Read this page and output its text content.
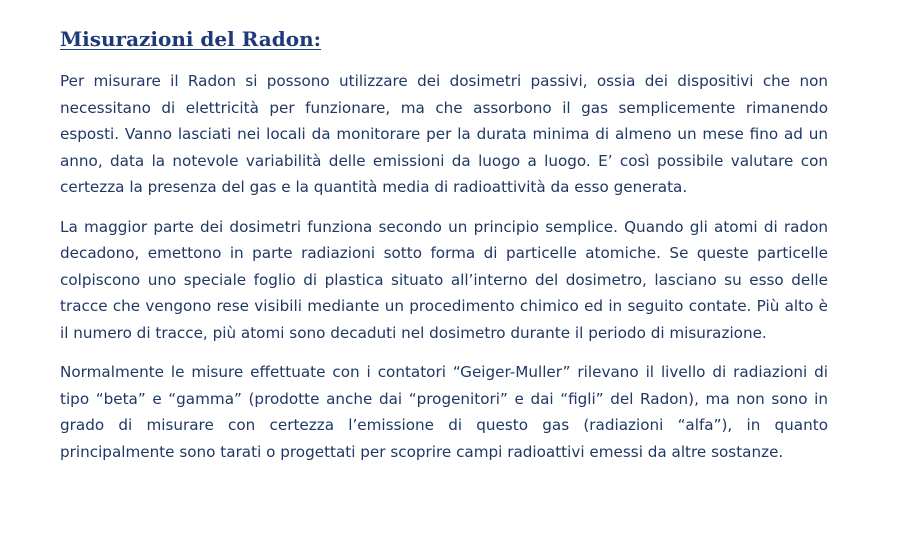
Misurazioni del Radon:

Per misurare il Radon si possono utilizzare dei dosimetri passivi, ossia dei dispositivi che non necessitano di elettricità per funzionare, ma che assorbono il gas semplicemente rimanendo esposti. Vanno lasciati nei locali da monitorare per la durata minima di almeno un mese fino ad un anno, data la notevole variabilità delle emissioni da luogo a luogo. E’ così possibile valutare con certezza la presenza del gas e la quantità media di radioattività da esso generata.

La maggior parte dei dosimetri funziona secondo un principio semplice. Quando gli atomi di radon decadono, emettono in parte radiazioni sotto forma di particelle atomiche. Se queste particelle colpiscono uno speciale foglio di plastica situato all’interno del dosimetro, lasciano su esso delle tracce che vengono rese visibili mediante un procedimento chimico ed in seguito contate. Più alto è il numero di tracce, più atomi sono decaduti nel dosimetro durante il periodo di misurazione.

Normalmente le misure effettuate con i contatori “Geiger-Muller” rilevano il livello di radiazioni di tipo “beta” e “gamma” (prodotte anche dai “progenitori” e dai “figli” del Radon), ma non sono in grado di misurare con certezza l’emissione di questo gas (radiazioni “alfa”), in quanto principalmente sono tarati o progettati per scoprire campi radioattivi emessi da altre sostanze.
